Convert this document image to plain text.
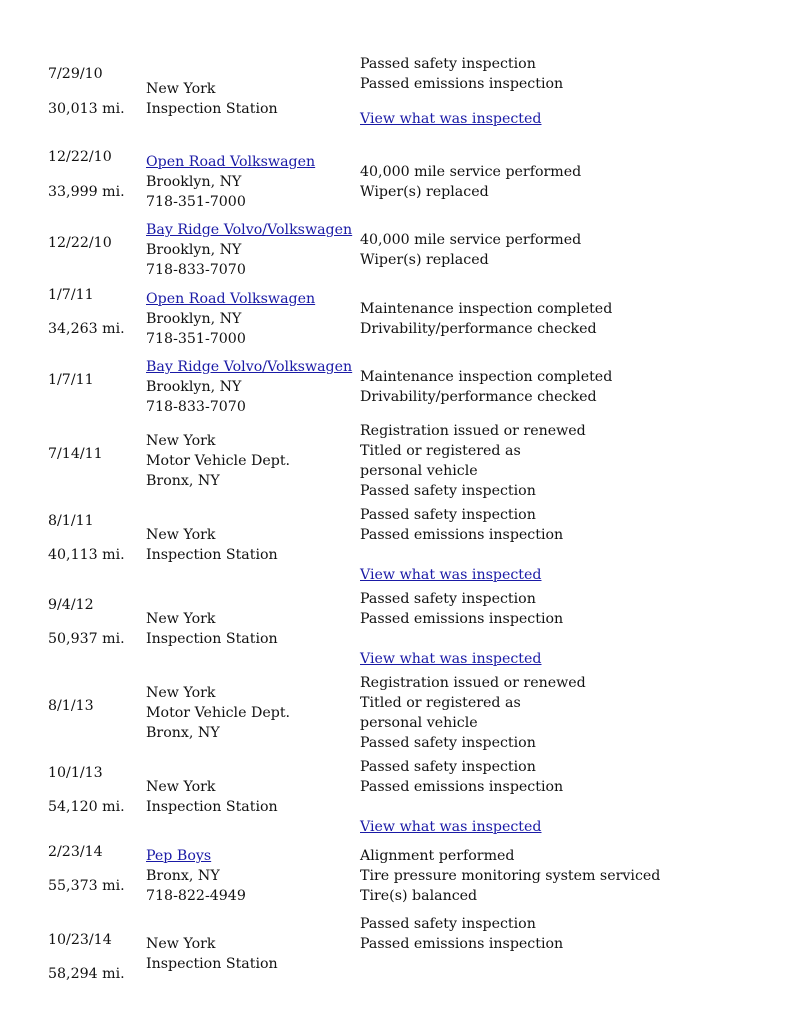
7/29/10
30,013 mi.
New York
Inspection Station
Passed safety inspection
Passed emissions inspection
View what was inspected
12/22/10
33,999 mi.
Open Road Volkswagen
Brooklyn, NY
718-351-7000
40,000 mile service performed
Wiper(s) replaced
12/22/10
Bay Ridge Volvo/Volkswagen
Brooklyn, NY
718-833-7070
40,000 mile service performed
Wiper(s) replaced
1/7/11
34,263 mi.
Open Road Volkswagen
Brooklyn, NY
718-351-7000
Maintenance inspection completed
Drivability/performance checked
1/7/11
Bay Ridge Volvo/Volkswagen
Brooklyn, NY
718-833-7070
Maintenance inspection completed
Drivability/performance checked
7/14/11
New York
Motor Vehicle Dept.
Bronx, NY
Registration issued or renewed
Titled or registered as
personal vehicle
Passed safety inspection
8/1/11
40,113 mi.
New York
Inspection Station
Passed safety inspection
Passed emissions inspection
View what was inspected
9/4/12
50,937 mi.
New York
Inspection Station
Passed safety inspection
Passed emissions inspection
View what was inspected
8/1/13
New York
Motor Vehicle Dept.
Bronx, NY
Registration issued or renewed
Titled or registered as
personal vehicle
Passed safety inspection
10/1/13
54,120 mi.
New York
Inspection Station
Passed safety inspection
Passed emissions inspection
View what was inspected
2/23/14
55,373 mi.
Pep Boys
Bronx, NY
718-822-4949
Alignment performed
Tire pressure monitoring system serviced
Tire(s) balanced
10/23/14
58,294 mi.
New York
Inspection Station
Passed safety inspection
Passed emissions inspection
